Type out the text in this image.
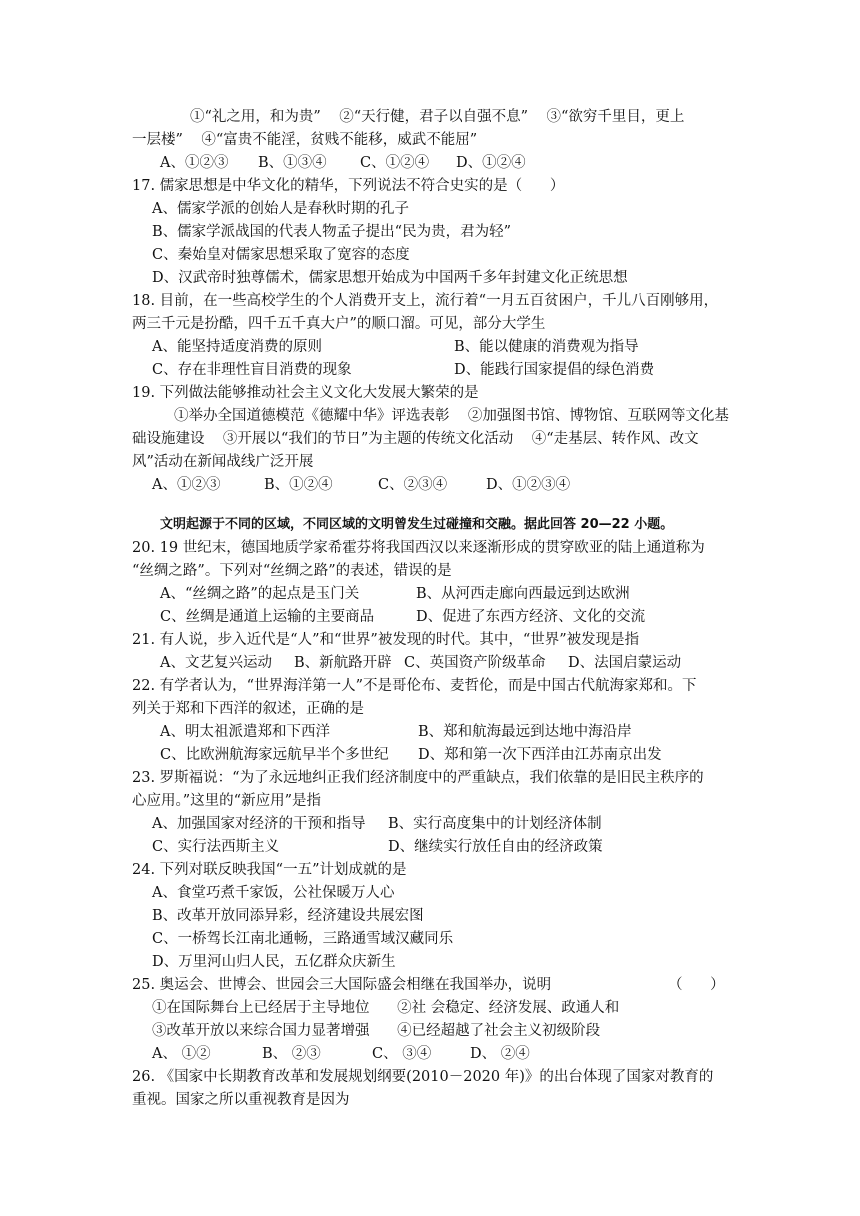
①“礼之用，和为贵”    ②“天行健，君子以自强不息”    ③“欲穷千里目，更上
一层楼”    ④“富贵不能淫，贫贱不能移，威武不能屈”

A、①②③

B、①③④

C、①②④

D、①②④

17. 儒家思想是中华文化的精华，下列说法不符合史实的是（      ）
A、儒家学派的创始人是春秋时期的孔子
B、儒家学派战国的代表人物孟子提出“民为贵，君为轻”
C、秦始皇对儒家思想采取了宽容的态度
D、汉武帝时独尊儒术，儒家思想开始成为中国两千多年封建文化正统思想
18. 目前，在一些高校学生的个人消费开支上，流行着“一月五百贫困户，千儿八百刚够用，
两三千元是扮酷，四千五千真大户”的顺口溜。可见，部分大学生

A、能坚持适度消费的原则

	B、能以健康的消费观为指导

C、存在非理性盲目消费的现象

	D、能践行国家提倡的绿色消费

19. 下列做法能够推动社会主义文化大发展大繁荣的是
①举办全国道德模范《德耀中华》评选表彰    ②加强图书馆、博物馆、互联网等文化基
础设施建设    ③开展以“我们的节日”为主题的传统文化活动    ④“走基层、转作风、改文
风”活动在新闻战线广泛开展

A、①②③

	B、①②④

	C、②③④

	D、①②③④

文明起源于不同的区域，不同区域的文明曾发生过碰撞和交融。据此回答 20—22 小题。
20. 19 世纪末，德国地质学家希霍芬将我国西汉以来逐渐形成的贯穿欧亚的陆上通道称为
“丝绸之路”。下列对“丝绸之路”的表述，错误的是

A、“丝绸之路”的起点是玉门关

	B、从河西走廊向西最远到达欧洲

C、丝绸是通道上运输的主要商品

	D、促进了东西方经济、文化的交流

21. 有人说，步入近代是“人”和“世界”被发现的时代。其中，“世界”被发现是指

A、文艺复兴运动

B、新航路开辟

C、英国资产阶级革命

D、法国启蒙运动

22. 有学者认为，“世界海洋第一人”不是哥伦布、麦哲伦，而是中国古代航海家郑和。下
列关于郑和下西洋的叙述，正确的是

A、明太祖派遣郑和下西洋

	B、郑和航海最远到达地中海沿岸

C、比欧洲航海家远航早半个多世纪

D、郑和第一次下西洋由江苏南京出发

23. 罗斯福说：“为了永远地纠正我们经济制度中的严重缺点，我们依靠的是旧民主秩序的
心应用。”这里的“新应用”是指

A、加强国家对经济的干预和指导

B、实行高度集中的计划经济体制

C、实行法西斯主义

	D、继续实行放任自由的经济政策

24. 下列对联反映我国“一五”计划成就的是
A、食堂巧煮千家饭，公社保暖万人心
B、改革开放同添异彩，经济建设共展宏图
C、一桥驾长江南北通畅，三路通雪域汉藏同乐
D、万里河山归人民，五亿群众庆新生
25. 奥运会、世博会、世园会三大国际盛会相继在我国举办，说明	（      ）
①在国际舞台上已经居于主导地位      ②社 会稳定、经济发展、政通人和
③改革开放以来综合国力显著增强      ④已经超越了社会主义初级阶段

A、 ①②

	B、 ②③

	C、 ③④

	D、 ②④

26. 《国家中长期教育改革和发展规划纲要(2010－2020 年)》的出台体现了国家对教育的
重视。国家之所以重视教育是因为
